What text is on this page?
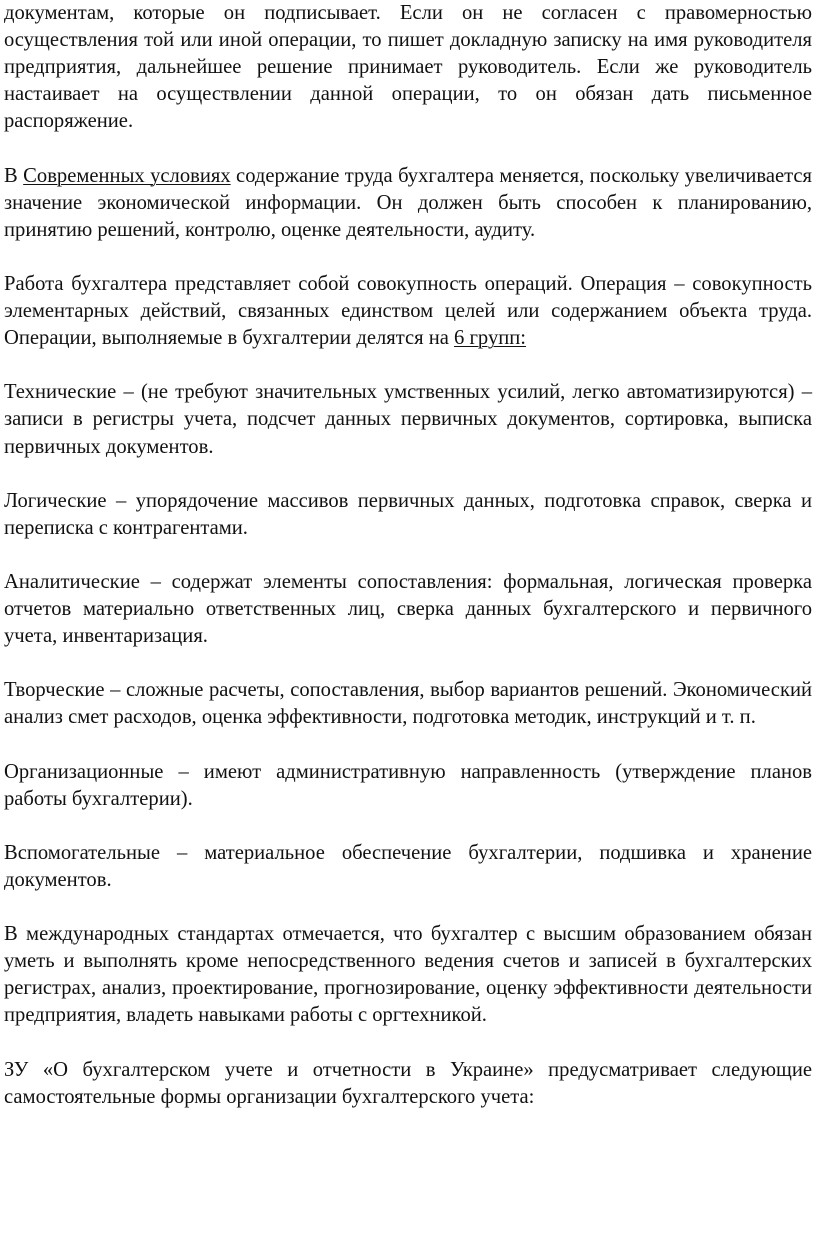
документам, которые он подписывает. Если он не согласен с правомерностью осуществления той или иной операции, то пишет докладную записку на имя руководителя предприятия, дальнейшее решение принимает руководитель. Если же руководитель настаивает на осуществлении данной операции, то он обязан дать письменное распоряжение.

В Современных условиях содержание труда бухгалтера меняется, поскольку увеличивается значение экономической информации. Он должен быть способен к планированию, принятию решений, контролю, оценке деятельности, аудиту.

Работа бухгалтера представляет собой совокупность операций. Операция – совокупность элементарных действий, связанных единством целей или содержанием объекта труда. Операции, выполняемые в бухгалтерии делятся на 6 групп:

Технические – (не требуют значительных умственных усилий, легко автоматизируются) – записи в регистры учета, подсчет данных первичных документов, сортировка, выписка первичных документов.

Логические – упорядочение массивов первичных данных, подготовка справок, сверка и переписка с контрагентами.

Аналитические – содержат элементы сопоставления: формальная, логическая проверка отчетов материально ответственных лиц, сверка данных бухгалтерского и первичного учета, инвентаризация.

Творческие – сложные расчеты, сопоставления, выбор вариантов решений. Экономический анализ смет расходов, оценка эффективности, подготовка методик, инструкций и т. п.

Организационные – имеют административную направленность (утверждение планов работы бухгалтерии).

Вспомогательные – материальное обеспечение бухгалтерии, подшивка и хранение документов.

В международных стандартах отмечается, что бухгалтер с высшим образованием обязан уметь и выполнять кроме непосредственного ведения счетов и записей в бухгалтерских регистрах, анализ, проектирование, прогнозирование, оценку эффективности деятельности предприятия, владеть навыками работы с оргтехникой.

ЗУ «О бухгалтерском учете и отчетности в Украине» предусматривает следующие самостоятельные формы организации бухгалтерского учета:
